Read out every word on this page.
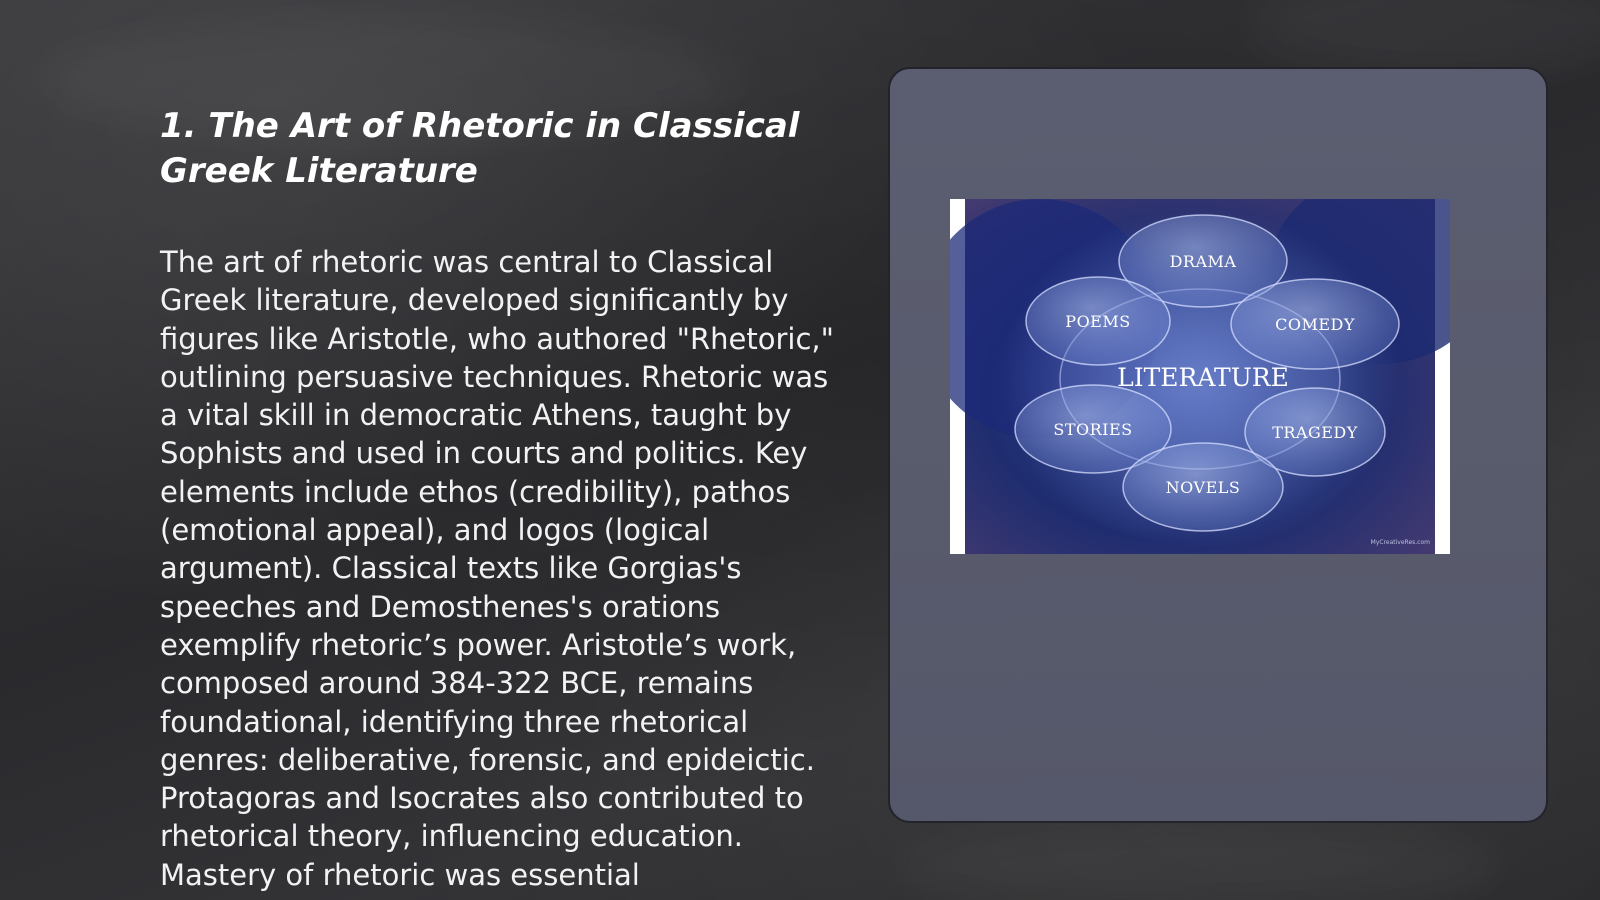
1. The Art of Rhetoric in Classical Greek Literature

The art of rhetoric was central to Classical Greek literature, developed significantly by figures like Aristotle, who authored "Rhetoric," outlining persuasive techniques. Rhetoric was a vital skill in democratic Athens, taught by Sophists and used in courts and politics. Key elements include ethos (credibility), pathos (emotional appeal), and logos (logical argument). Classical texts like Gorgias's speeches and Demosthenes's orations exemplify rhetoric’s power. Aristotle’s work, composed around 384-322 BCE, remains foundational, identifying three rhetorical genres: deliberative, forensic, and epideictic. Protagoras and Isocrates also contributed to rhetorical theory, influencing education. Mastery of rhetoric was essential

DRAMA
POEMS	COMEDY
STORIES	TRAGEDY
NOVELS
LITERATURE
MyCreativeRes.com
